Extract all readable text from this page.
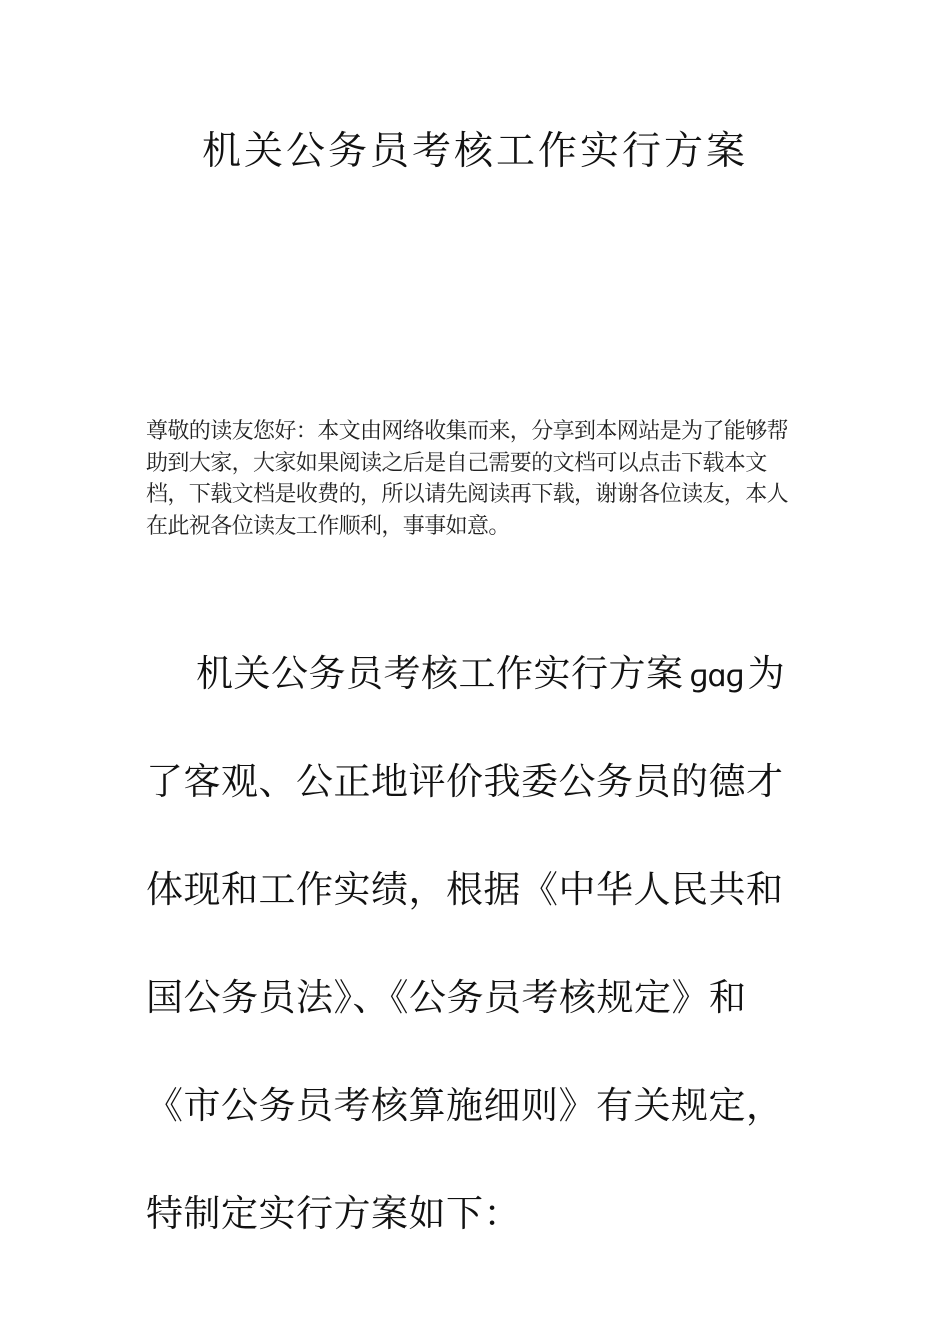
机关公务员考核工作实行方案

尊敬的读友您好：本文由网络收集而来，分享到本网站是为了能够帮助到大家，大家如果阅读之后是自己需要的文档可以点击下载本文档，下载文档是收费的，所以请先阅读再下载，谢谢各位读友，本人在此祝各位读友工作顺利，事事如意。

机关公务员考核工作实行方案 ɡɑɡ 为
了客观、公正地评价我委公务员的德才
体现和工作实绩，根据《中华人民共和
国公务员法》、《公务员考核规定》和
《市公务员考核算施细则》有关规定，
特制定实行方案如下：
